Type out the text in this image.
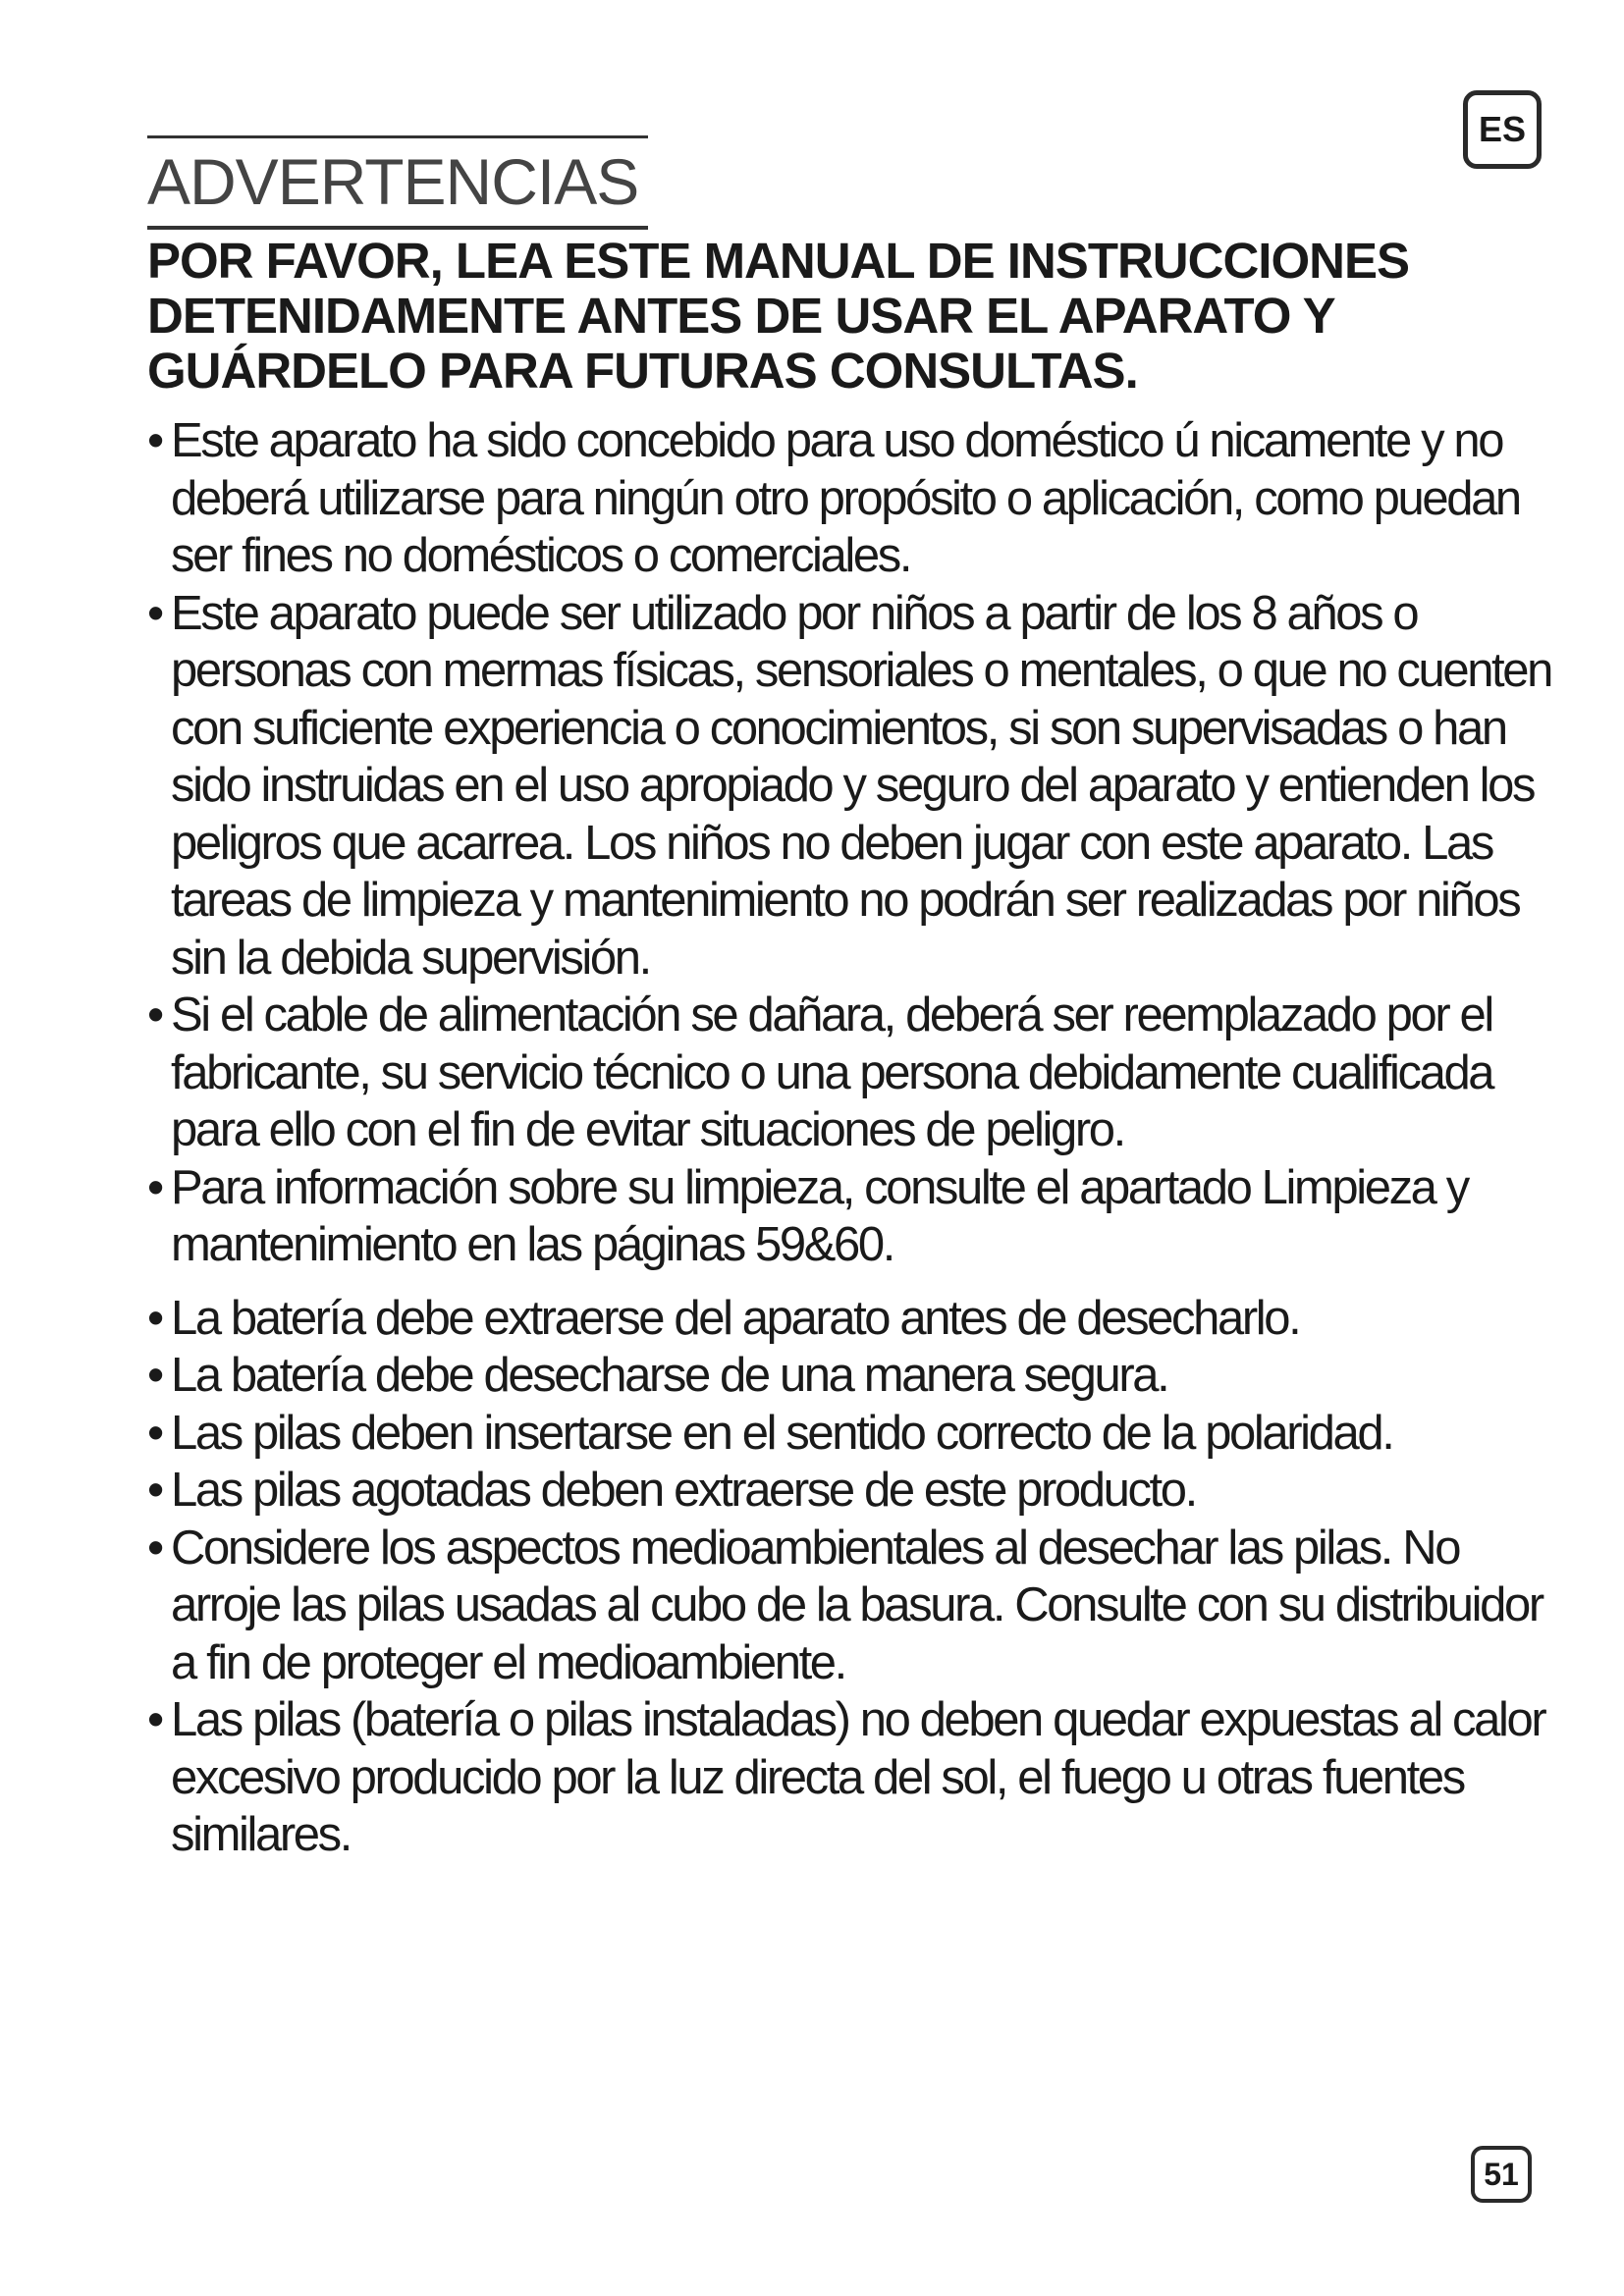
ES
ADVERTENCIAS

POR FAVOR, LEA ESTE MANUAL DE INSTRUCCIONES DETENIDAMENTE ANTES DE USAR EL APARATO Y GUÁRDELO PARA FUTURAS CONSULTAS.

• Este aparato ha sido concebido para uso doméstico ú nicamente y no deberá utilizarse para ningún otro propósito o aplicación, como puedan ser fines no domésticos o comerciales.
• Este aparato puede ser utilizado por niños a partir de los 8 años o personas con mermas físicas, sensoriales o mentales, o que no cuenten con suficiente experiencia o conocimientos, si son supervisadas o han sido instruidas en el uso apropiado y seguro del aparato y entienden los peligros que acarrea. Los niños no deben jugar con este aparato. Las tareas de limpieza y mantenimiento no podrán ser realizadas por niños sin la debida supervisión.
• Si el cable de alimentación se dañara, deberá ser reemplazado por el fabricante, su servicio técnico o una persona debidamente cualificada para ello con el fin de evitar situaciones de peligro.
• Para información sobre su limpieza, consulte el apartado Limpieza y mantenimiento en las páginas 59&60.
• La batería debe extraerse del aparato antes de desecharlo.
• La batería debe desecharse de una manera segura.
• Las pilas deben insertarse en el sentido correcto de la polaridad.
• Las pilas agotadas deben extraerse de este producto.
• Considere los aspectos medioambientales al desechar las pilas. No arroje las pilas usadas al cubo de la basura. Consulte con su distribuidor a fin de proteger el medioambiente.
• Las pilas (batería o pilas instaladas) no deben quedar expuestas al calor excesivo producido por la luz directa del sol, el fuego u otras fuentes similares.
51
